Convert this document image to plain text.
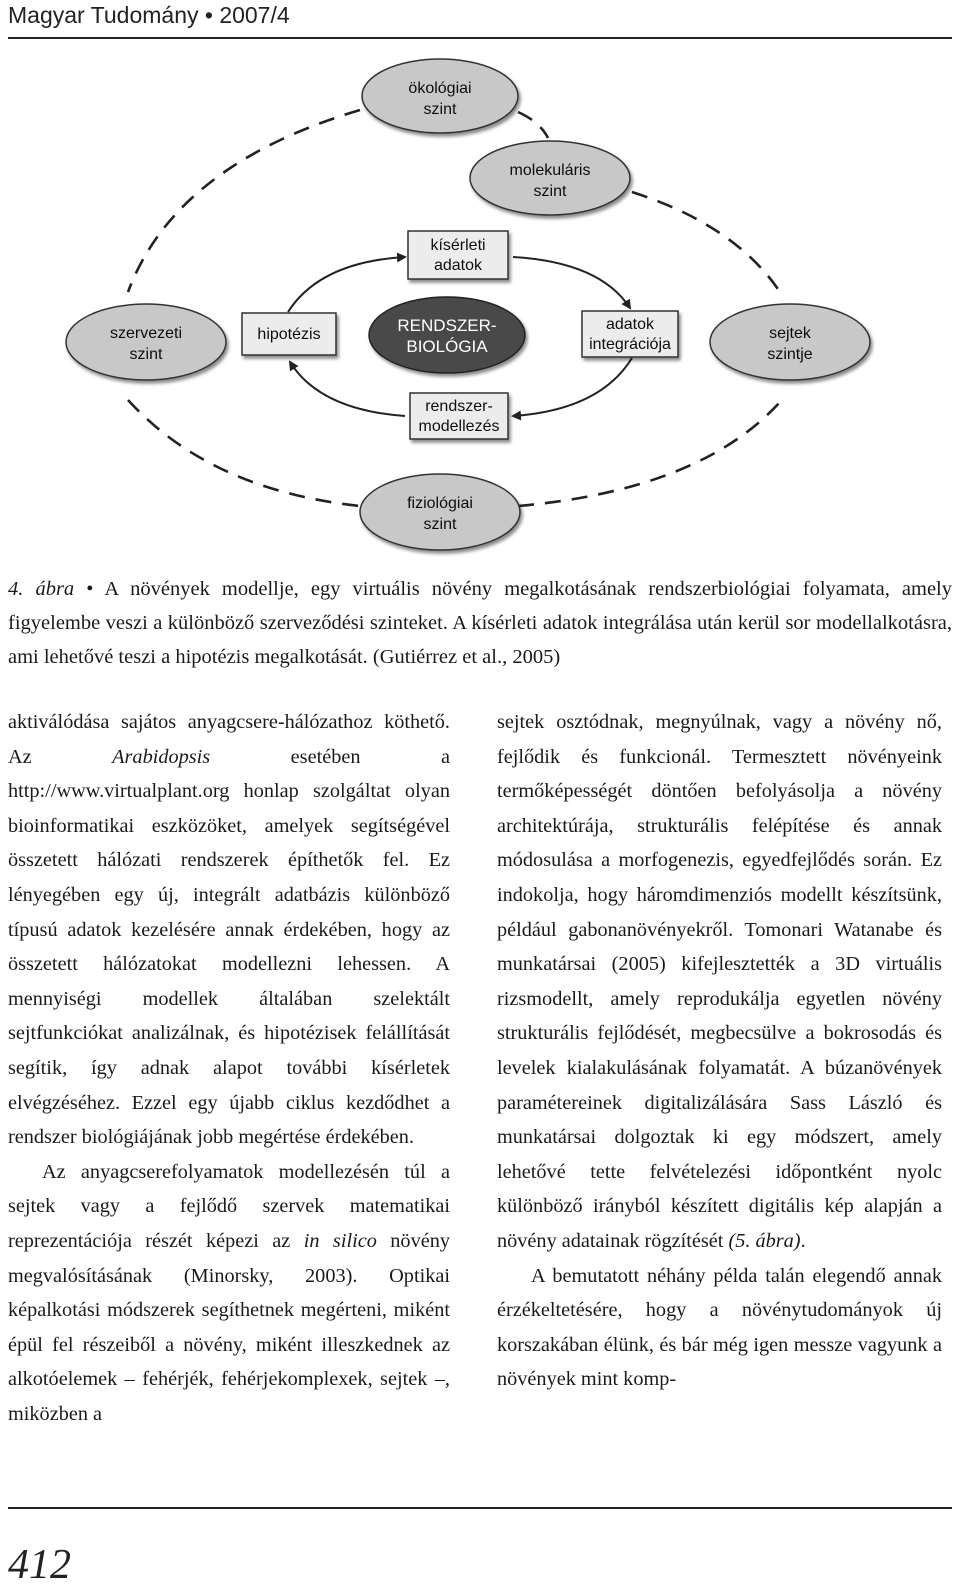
Magyar Tudomány • 2007/4
ökológiai
szint
molekuláris
szint
szervezeti
szint
sejtek
szintje
fiziológiai
szint
RENDSZER-
BIOLÓGIA
kísérleti
adatok
hipotézis
adatok
integrációja
rendszer-
modellezés
4. ábra • A növények modellje, egy virtuális növény megalkotásának rendszerbiológiai folyamata, amely figyelembe veszi a különböző szerveződési szinteket. A kísérleti adatok integrálása után kerül sor modellalkotásra, ami lehetővé teszi a hipotézis megalkotását. (Gutiérrez et al., 2005)

aktiválódása sajátos anyagcsere-hálózathoz köthető. Az Arabidopsis esetében a http://www.virtualplant.org honlap szolgáltat olyan bioinformatikai eszközöket, amelyek segítségével összetett hálózati rendszerek építhetők fel. Ez lényegében egy új, integrált adatbázis különböző típusú adatok kezelésére annak érdekében, hogy az összetett hálózatokat modellezni lehessen. A mennyiségi modellek általában szelektált sejtfunkciókat analizálnak, és hipotézisek felállítását segítik, így adnak alapot további kísérletek elvégzéséhez. Ezzel egy újabb ciklus kezdődhet a rendszer biológiájának jobb megértése érdekében.

Az anyagcserefolyamatok modellezésén túl a sejtek vagy a fejlődő szervek matematikai reprezentációja részét képezi az in silico növény megvalósításának (Minorsky, 2003). Optikai képalkotási módszerek segíthetnek megérteni, miként épül fel részeiből a növény, miként illeszkednek az alkotóelemek – fehérjék, fehérjekomplexek, sejtek –, miközben a

sejtek osztódnak, megnyúlnak, vagy a növény nő, fejlődik és funkcionál. Termesztett növényeink termőképességét döntően befolyásolja a növény architektúrája, strukturális felépítése és annak módosulása a morfogenezis, egyedfejlődés során. Ez indokolja, hogy háromdimenziós modellt készítsünk, például gabonanövényekről. Tomonari Watanabe és munkatársai (2005) kifejlesztették a 3D virtuális rizsmodellt, amely reprodukálja egyetlen növény strukturális fejlődését, megbecsülve a bokrosodás és levelek kialakulásának folyamatát. A búzanövények paramétereinek digitalizálására Sass László és munkatársai dolgoztak ki egy módszert, amely lehetővé tette felvételezési időpontként nyolc különböző irányból készített digitális kép alapján a növény adatainak rögzítését (5. ábra).

A bemutatott néhány példa talán elegendő annak érzékeltetésére, hogy a növénytudományok új korszakában élünk, és bár még igen messze vagyunk a növények mint komp-

412
